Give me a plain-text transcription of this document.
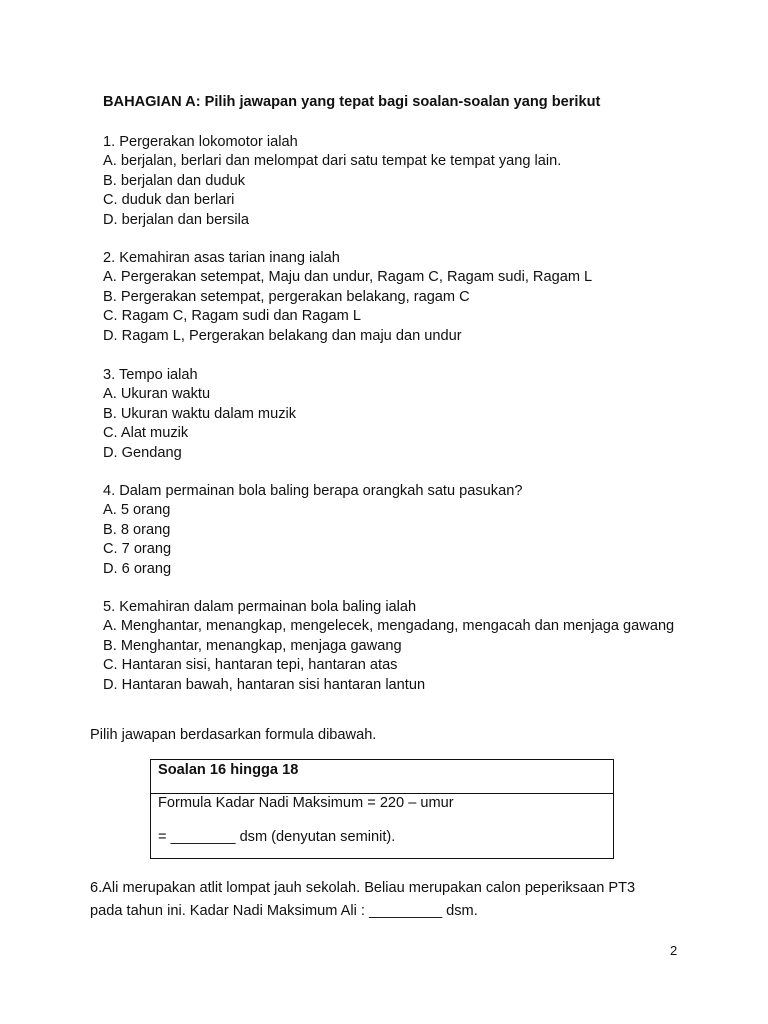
BAHAGIAN A: Pilih jawapan yang tepat bagi soalan-soalan yang berikut
1. Pergerakan lokomotor ialah
A. berjalan, berlari dan melompat dari satu tempat ke tempat yang lain.
B. berjalan dan duduk
C. duduk dan berlari
D. berjalan dan bersila
2. Kemahiran asas tarian inang ialah
A. Pergerakan setempat, Maju dan undur, Ragam C, Ragam sudi, Ragam L
B. Pergerakan setempat, pergerakan belakang, ragam C
C. Ragam C, Ragam sudi dan Ragam L
D. Ragam L, Pergerakan belakang dan maju dan undur
3. Tempo ialah
A. Ukuran waktu
B. Ukuran waktu dalam muzik
C. Alat muzik
D. Gendang
4. Dalam permainan bola baling berapa orangkah satu pasukan?
A. 5 orang
B. 8 orang
C. 7 orang
D. 6 orang
5. Kemahiran dalam permainan bola baling ialah
A. Menghantar, menangkap, mengelecek, mengadang, mengacah dan menjaga gawang
B. Menghantar, menangkap, menjaga gawang
C. Hantaran sisi, hantaran tepi, hantaran atas
D. Hantaran bawah, hantaran sisi hantaran lantun
Pilih jawapan berdasarkan formula dibawah.
Soalan 16 hingga 18
Formula Kadar Nadi Maksimum = 220 – umur
= ________ dsm (denyutan seminit).
6.Ali merupakan atlit lompat jauh sekolah. Beliau merupakan calon peperiksaan PT3
pada tahun ini. Kadar Nadi Maksimum Ali : _________ dsm.
2
